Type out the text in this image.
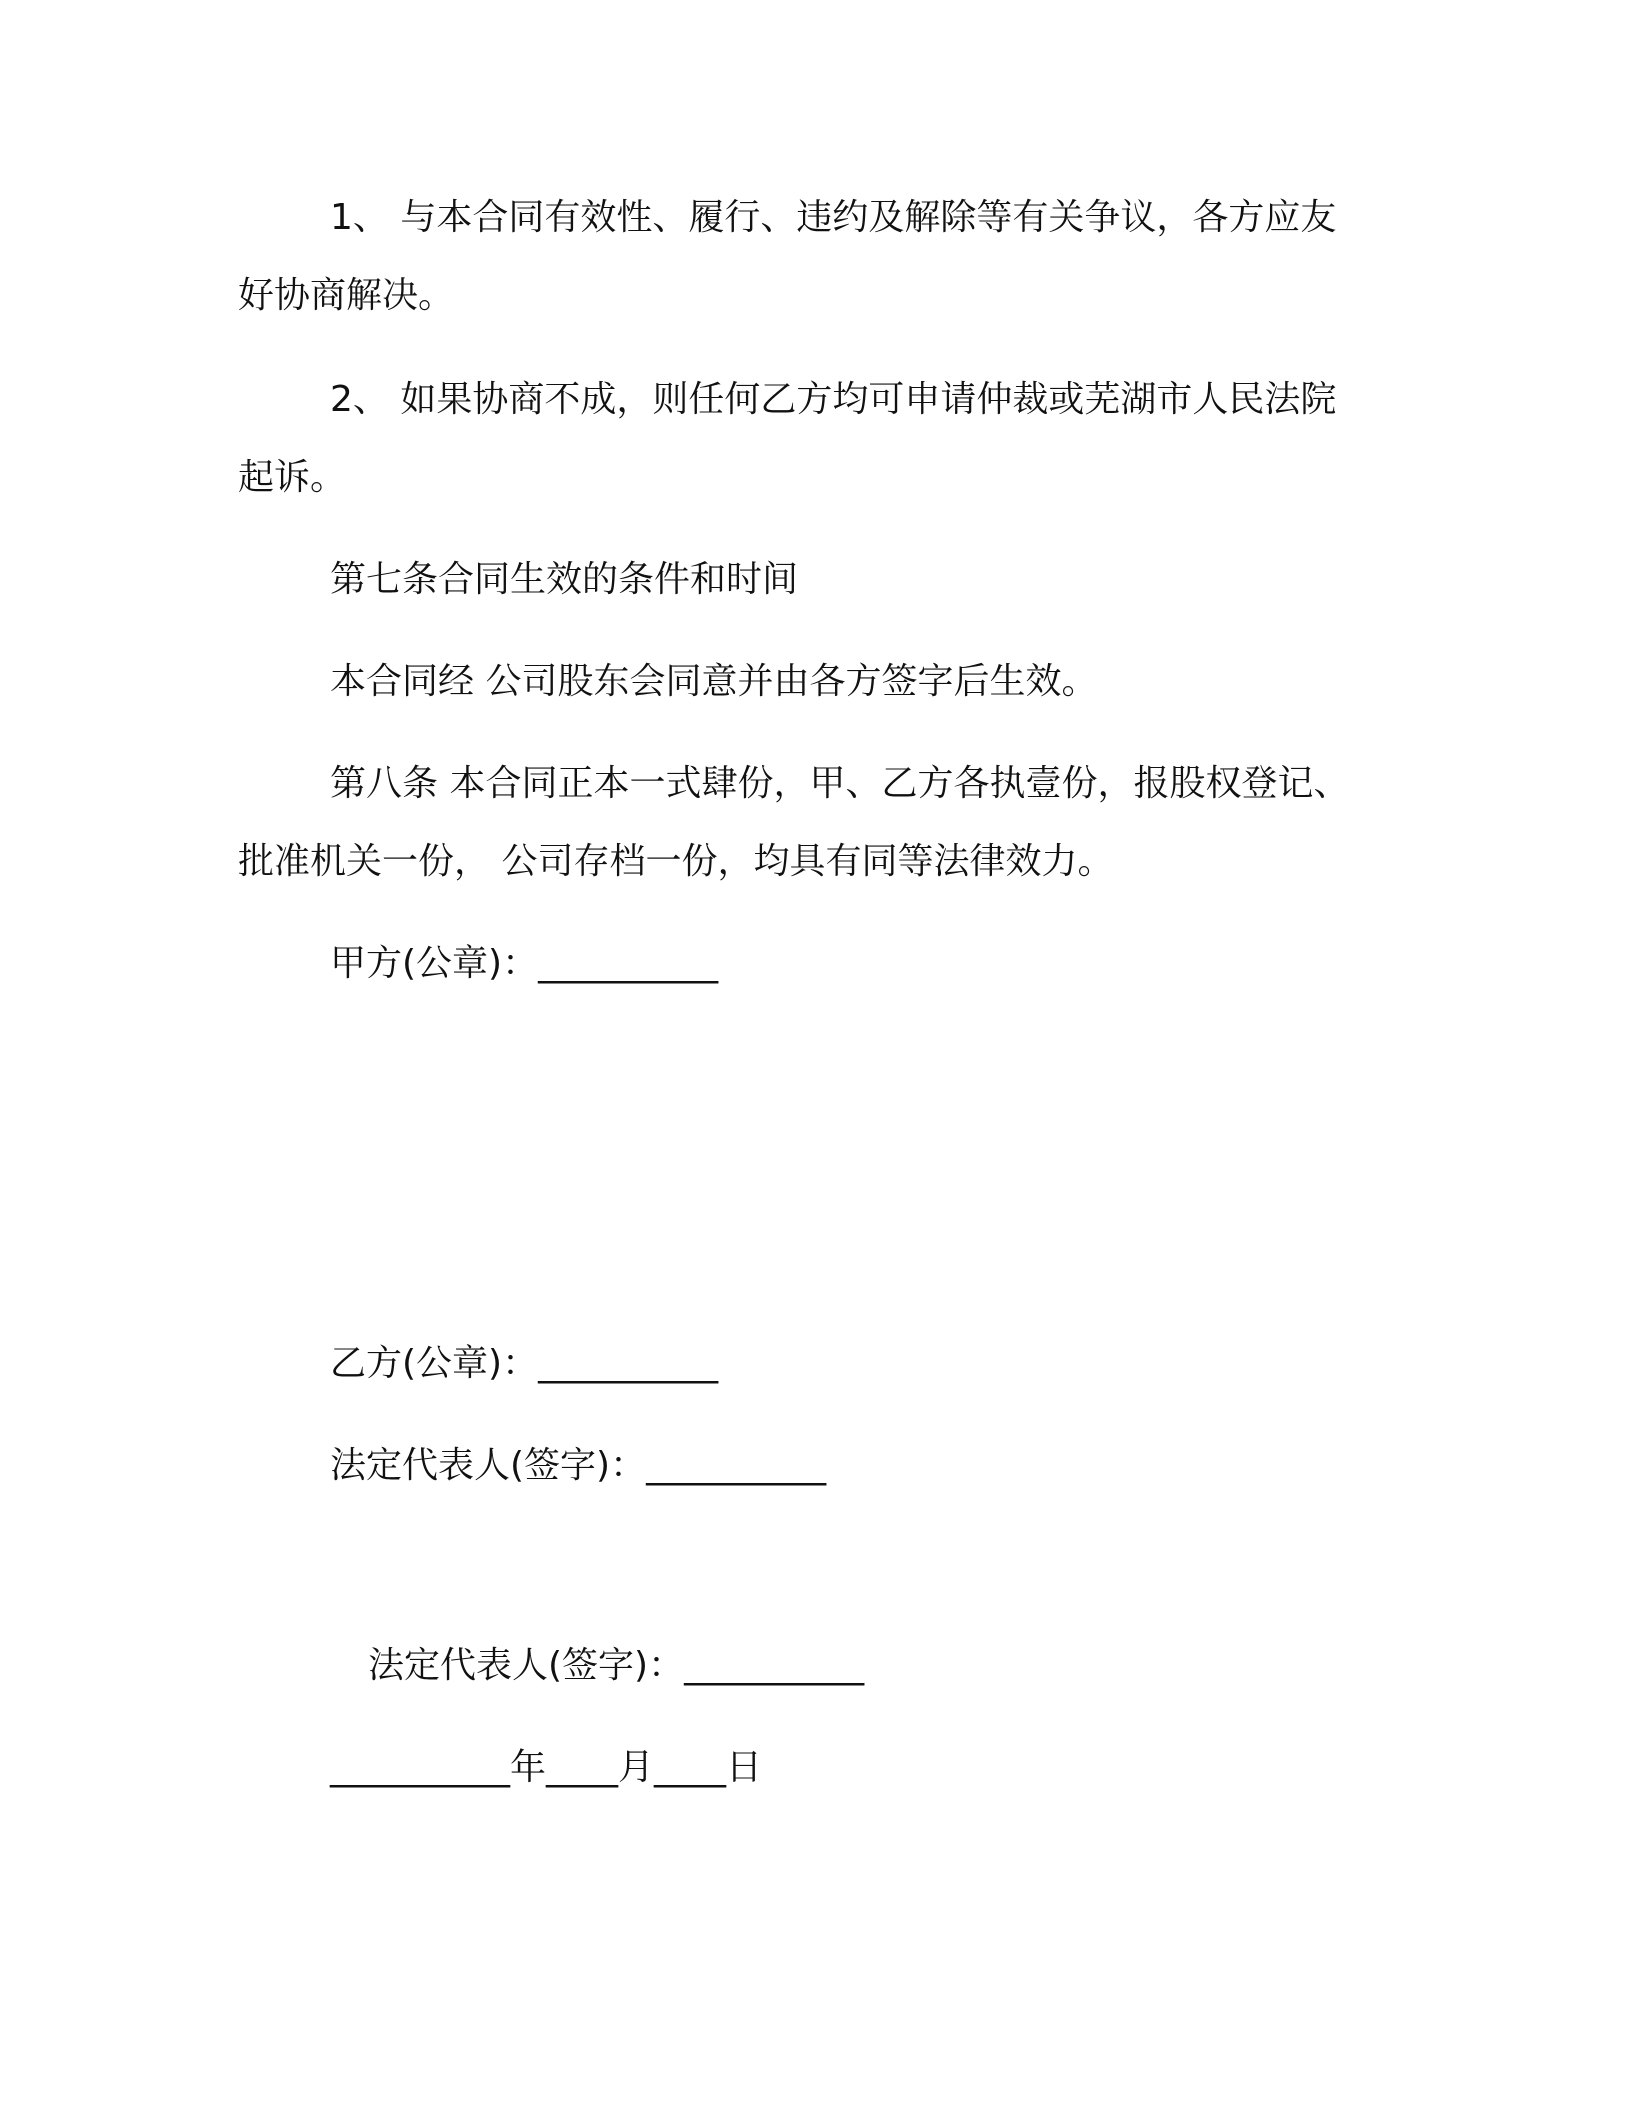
1、 与本合同有效性、履行、违约及解除等有关争议，各方应友

好协商解决。

2、 如果协商不成，则任何乙方均可申请仲裁或芜湖市人民法院

起诉。

第七条合同生效的条件和时间

本合同经 公司股东会同意并由各方签字后生效。

第八条 本合同正本一式肆份，甲、乙方各执壹份，报股权登记、

批准机关一份， 公司存档一份，均具有同等法律效力。

甲方(公章)：__________

乙方(公章)：__________

法定代表人(签字)：__________

法定代表人(签字)：__________

__________年____月____日
